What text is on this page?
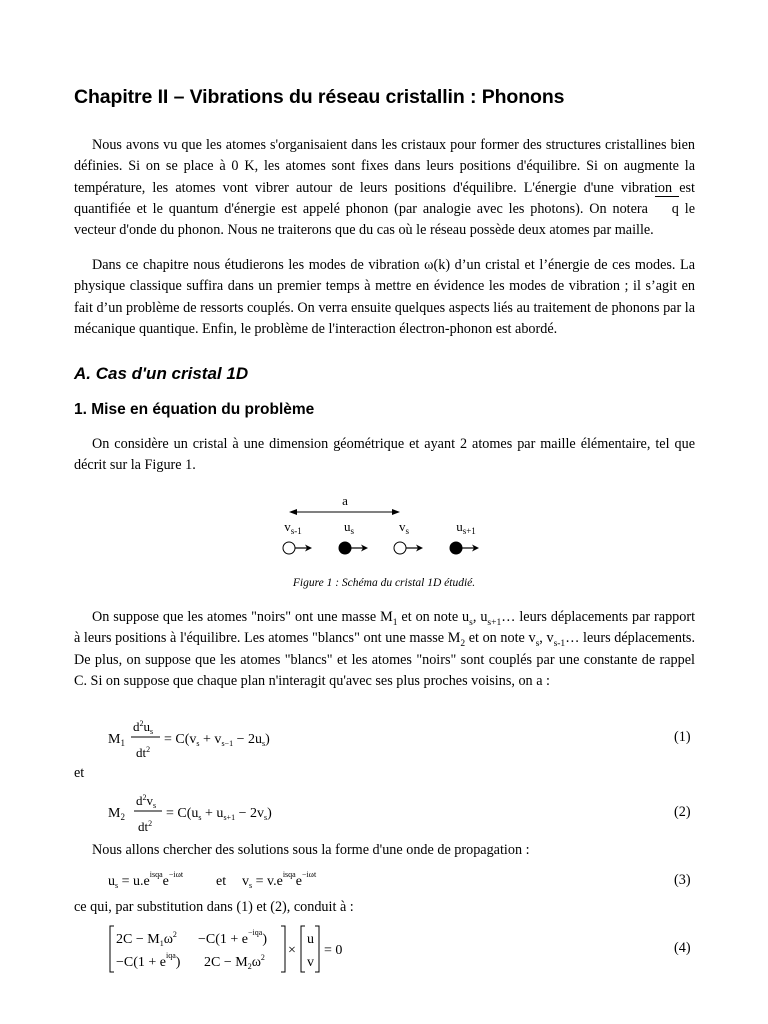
Chapitre II – Vibrations du réseau cristallin : Phonons

Nous avons vu que les atomes s'organisaient dans les cristaux pour former des structures cristallines bien définies. Si on se place à 0 K, les atomes sont fixes dans leurs positions d'équilibre. Si on augmente la température, les atomes vont vibrer autour de leurs positions d'équilibre. L'énergie d'une vibration est quantifiée et le quantum d'énergie est appelé phonon (par analogie avec les photons). On notera q le vecteur d'onde du phonon. Nous ne traiterons que du cas où le réseau possède deux atomes par maille.

Dans ce chapitre nous étudierons les modes de vibration ω(k) d’un cristal et l’énergie de ces modes. La physique classique suffira dans un premier temps à mettre en évidence les modes de vibration ; il s’agit en fait d’un problème de ressorts couplés. On verra ensuite quelques aspects liés au traitement de phonons par la mécanique quantique. Enfin, le problème de l'interaction électron-phonon est abordé.

A. Cas d'un cristal 1D
1. Mise en équation du problème

On considère un cristal à une dimension géométrique et ayant 2 atomes par maille élémentaire, tel que décrit sur la Figure 1.

a
$v_{s-1}$	$u_s$	$v_s$	$u_{s+1}$
Figure 1 : Schéma du cristal 1D étudié.

On suppose que les atomes "noirs" ont une masse $M_1$ et on note $u_s$, $u_{s+1}\dots$ leurs déplacements par rapport à leurs positions à l'équilibre. Les atomes "blancs" ont une masse $M_2$ et on note $v_s$, $v_{s-1}\dots$ leurs déplacements. De plus, on suppose que les atomes "blancs" et les atomes "noirs" sont couplés par une constante de rappel C. Si on suppose que chaque plan n'interagit qu'avec ses plus proches voisins, on a :

$M_1$
$d^2u_s$
$dt^2$
= $C(v_s + v_{s-1} - 2u_s)$	(1)
et
$M_2$
$d^2v_s$
$dt^2$
= $C(u_s + u_{s+1} - 2v_s)$	(2)
Nous allons chercher des solutions sous la forme d'une onde de propagation :
$u_s = u.e^{isqa}e^{-i\omega t}$ et $v_s = v.e^{isqa}e^{-i\omega t}$	(3)
ce qui, par substitution dans (1) et (2), conduit à :
$2C - M_1\omega^2 -C(1 + e^{-iqa})$
$-C(1 + e^{iqa})$ $2C - M_2\omega^2$ ×
u
v
= 0	(4)
